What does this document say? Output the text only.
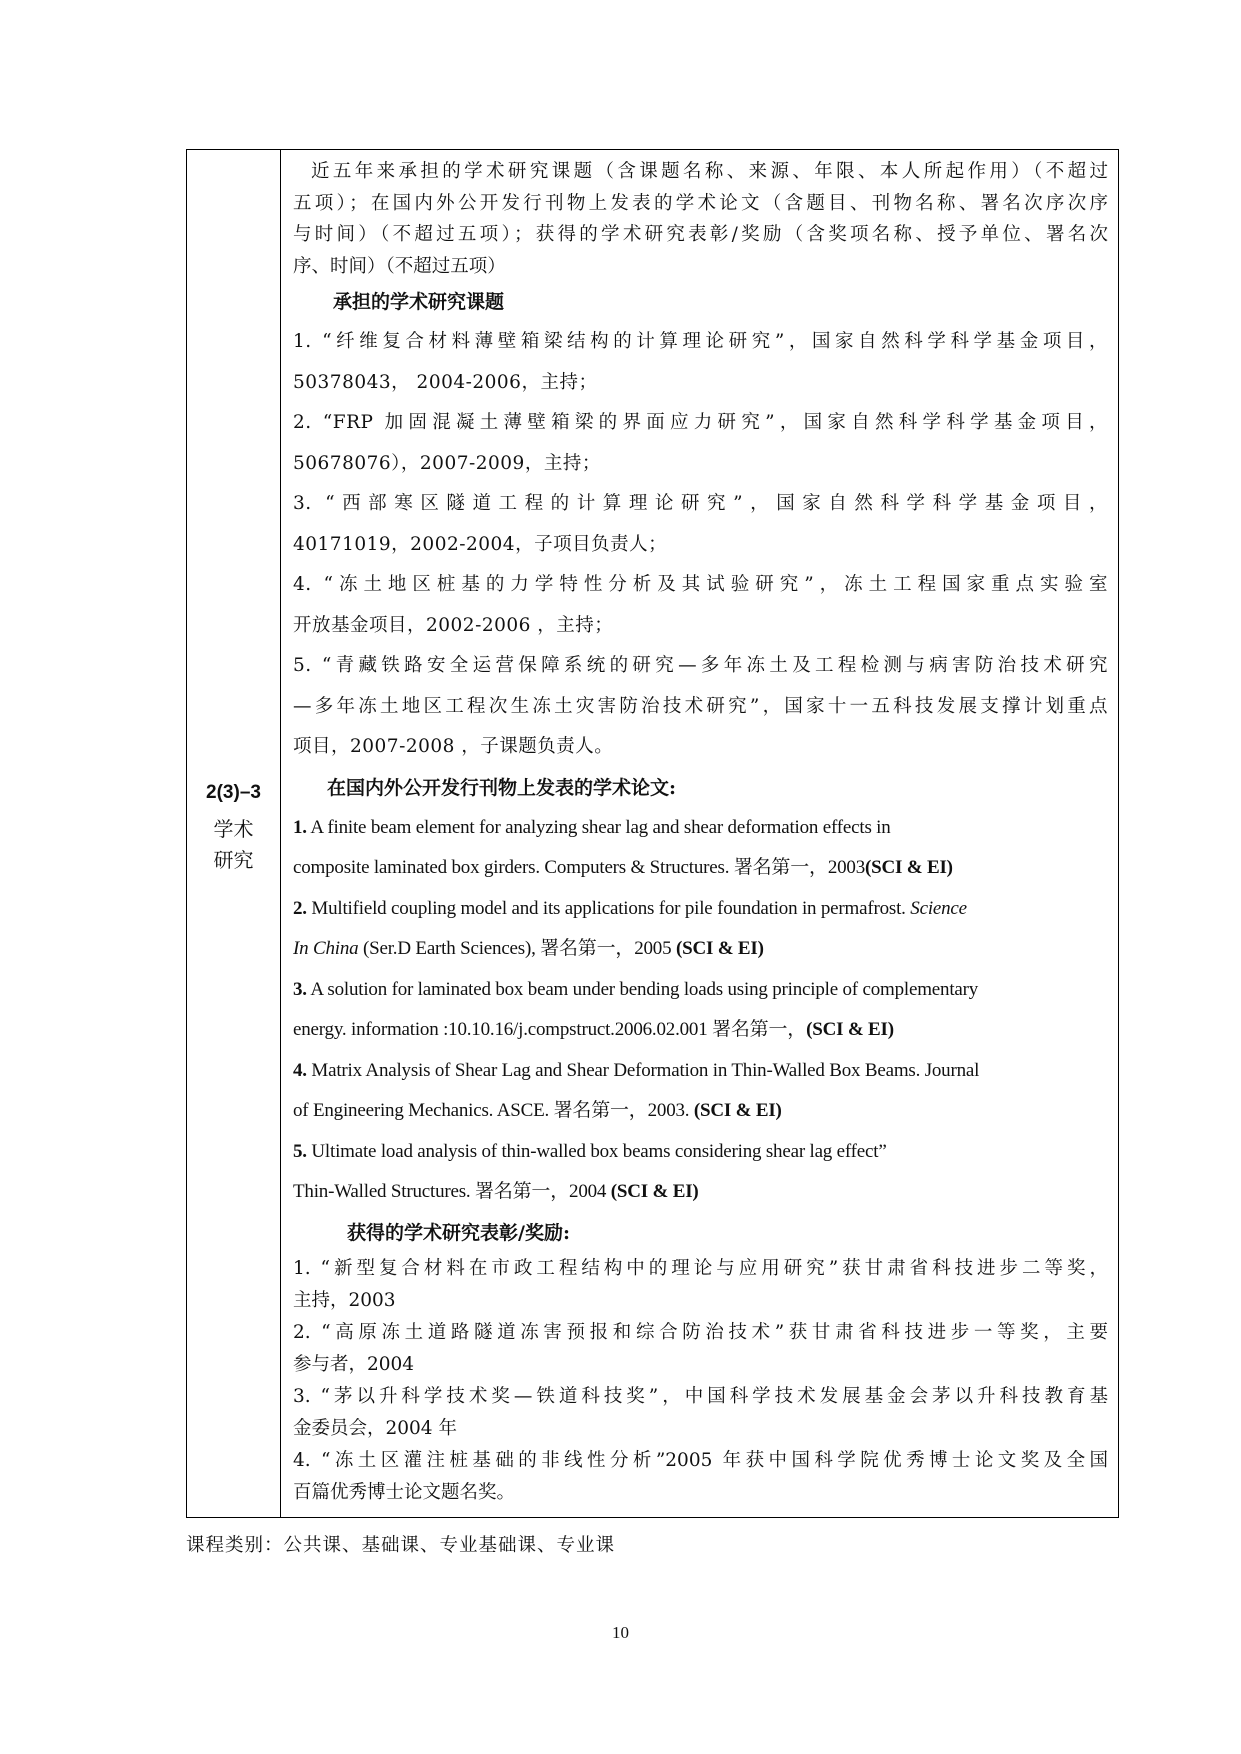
2(3)–3
学术
研究

近五年来承担的学术研究课题（含课题名称、来源、年限、本人所起作用）（不超过
五项）；在国内外公开发行刊物上发表的学术论文（含题目、刊物名称、署名次序次序
与时间）（不超过五项）；获得的学术研究表彰/奖励（含奖项名称、授予单位、署名次
序、时间）（不超过五项）
承担的学术研究课题
1. “纤维复合材料薄壁箱梁结构的计算理论研究”，国家自然科学科学基金项目，
50378043， 2004-2006，主持；
2. “FRP 加固混凝土薄壁箱梁的界面应力研究”，国家自然科学科学基金项目，
50678076），2007-2009，主持；
3. “西部寒区隧道工程的计算理论研究”，国家自然科学科学基金项目，
40171019，2002-2004，子项目负责人；
4. “冻土地区桩基的力学特性分析及其试验研究”，冻土工程国家重点实验室
开放基金项目，2002-2006 ，主持；
5. “青藏铁路安全运营保障系统的研究—多年冻土及工程检测与病害防治技术研究
—多年冻土地区工程次生冻土灾害防治技术研究”，国家十一五科技发展支撑计划重点
项目，2007-2008 ，子课题负责人。
在国内外公开发行刊物上发表的学术论文:
1. A finite beam element for analyzing shear lag and shear deformation effects in
composite laminated box girders. Computers & Structures. 署名第一，2003(SCI & EI)
2. Multifield coupling model and its applications for pile foundation in permafrost. Science
In China (Ser.D Earth Sciences), 署名第一，2005 (SCI & EI)
3. A solution for laminated box beam under bending loads using principle of complementary
energy. information :10.10.16/j.compstruct.2006.02.001 署名第一，(SCI & EI)
4. Matrix Analysis of Shear Lag and Shear Deformation in Thin-Walled Box Beams. Journal
of Engineering Mechanics. ASCE. 署名第一，2003. (SCI & EI)
5. Ultimate load analysis of thin-walled box beams considering shear lag effect”
Thin-Walled Structures. 署名第一，2004 (SCI & EI)
获得的学术研究表彰/奖励:
1. “新型复合材料在市政工程结构中的理论与应用研究”获甘肃省科技进步二等奖，
主持，2003
2. “高原冻土道路隧道冻害预报和综合防治技术”获甘肃省科技进步一等奖，主要
参与者，2004
3. “茅以升科学技术奖—铁道科技奖”，中国科学技术发展基金会茅以升科技教育基
金委员会，2004 年
4. “冻土区灌注桩基础的非线性分析”2005 年获中国科学院优秀博士论文奖及全国
百篇优秀博士论文题名奖。
课程类别：公共课、基础课、专业基础课、专业课
10
